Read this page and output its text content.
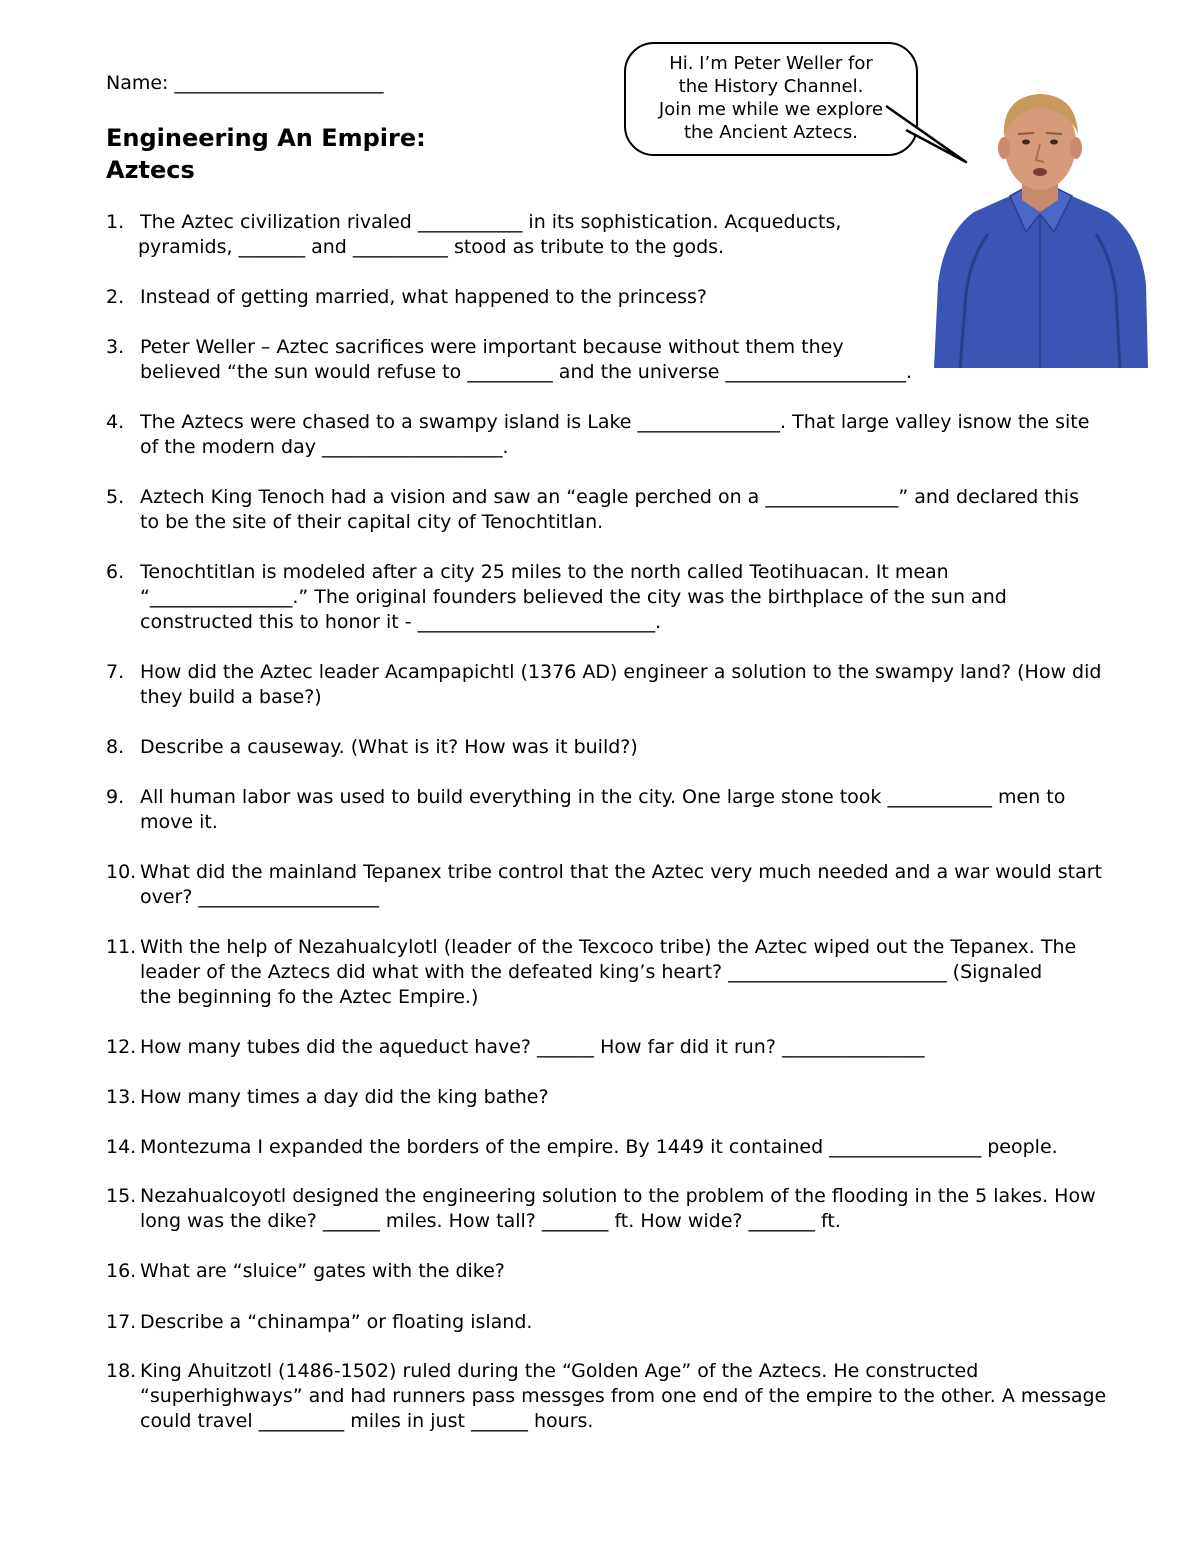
Name: ______________________
Engineering An Empire:
Aztecs
Hi. I’m Peter Weller for
the History Channel.
Join me while we explore
the Ancient Aztecs.
1. The Aztec civilization rivaled ___________ in its sophistication. Acqueducts,
pyramids, _______ and __________ stood as tribute to the gods.
2. Instead of getting married, what happened to the princess?
3. Peter Weller – Aztec sacrifices were important because without them they
believed “the sun would refuse to _________ and the universe ___________________.
4. The Aztecs were chased to a swampy island is Lake _______________. That large valley isnow the site
of the modern day ___________________.
5. Aztech King Tenoch had a vision and saw an “eagle perched on a ______________” and declared this
to be the site of their capital city of Tenochtitlan.
6. Tenochtitlan is modeled after a city 25 miles to the north called Teotihuacan. It mean
“_______________.” The original founders believed the city was the birthplace of the sun and
constructed this to honor it - _________________________.
7. How did the Aztec leader Acampapichtl (1376 AD) engineer a solution to the swampy land? (How did
they build a base?)
8. Describe a causeway. (What is it? How was it build?)
9. All human labor was used to build everything in the city. One large stone took ___________ men to
move it.
10. What did the mainland Tepanex tribe control that the Aztec very much needed and a war would start
over? ___________________
11. With the help of Nezahualcylotl (leader of the Texcoco tribe) the Aztec wiped out the Tepanex. The
leader of the Aztecs did what with the defeated king’s heart? _______________________ (Signaled
the beginning fo the Aztec Empire.)
12. How many tubes did the aqueduct have? ______ How far did it run? _______________
13. How many times a day did the king bathe?
14. Montezuma I expanded the borders of the empire. By 1449 it contained ________________ people.
15. Nezahualcoyotl designed the engineering solution to the problem of the flooding in the 5 lakes. How
long was the dike? ______ miles. How tall? _______ ft. How wide? _______ ft.
16. What are “sluice” gates with the dike?
17. Describe a “chinampa” or floating island.
18. King Ahuitzotl (1486-1502) ruled during the “Golden Age” of the Aztecs. He constructed
“superhighways” and had runners pass messges from one end of the empire to the other. A message
could travel _________ miles in just ______ hours.
